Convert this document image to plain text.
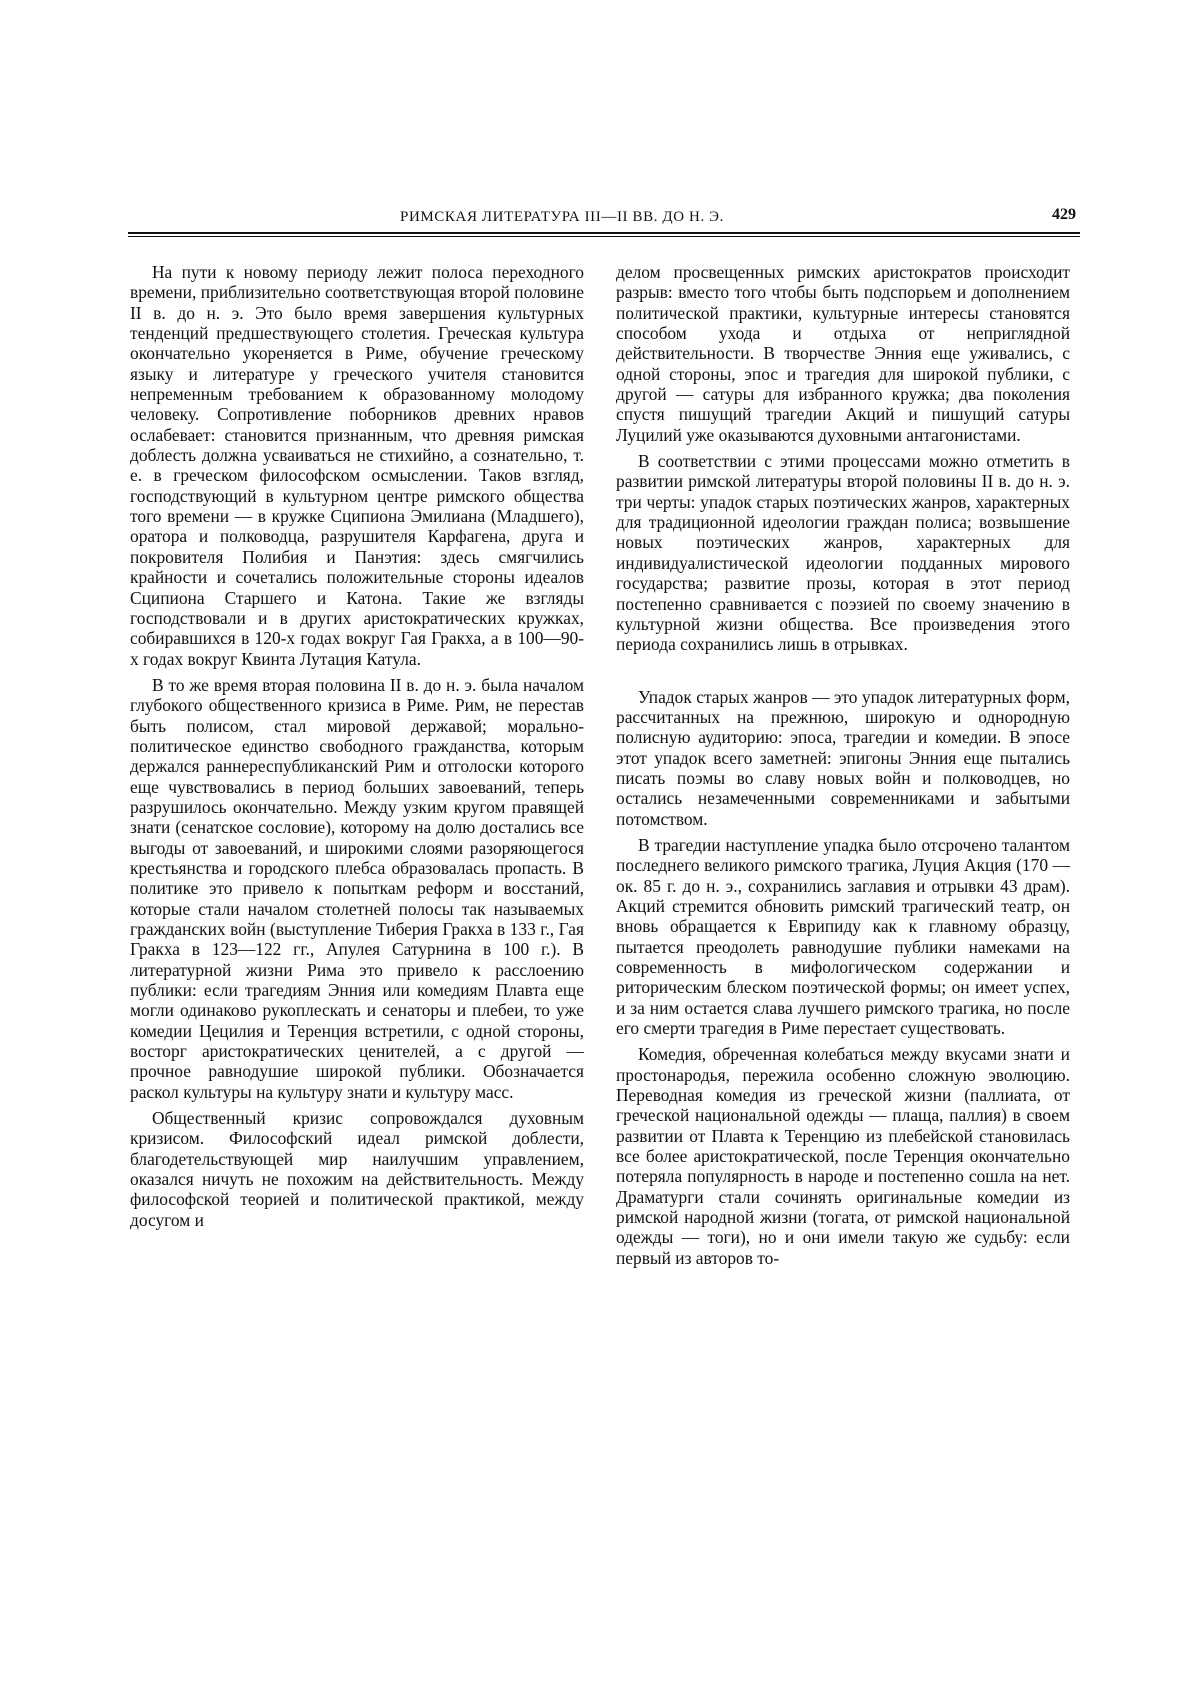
РИМСКАЯ ЛИТЕРАТУРА III—II ВВ. ДО Н. Э.	429

На пути к новому периоду лежит полоса переходного времени, приблизительно соответствующая второй половине II в. до н. э. Это было время завершения культурных тенденций предшествующего столетия. Греческая культура окончательно укореняется в Риме, обучение греческому языку и литературе у греческого учителя становится непременным требованием к образованному молодому человеку. Сопротивление поборников древних нравов ослабевает: становится признанным, что древняя римская доблесть должна усваиваться не стихийно, а сознательно, т. е. в греческом философском осмыслении. Таков взгляд, господствующий в культурном центре римского общества того времени — в кружке Сципиона Эмилиана (Младшего), оратора и полководца, разрушителя Карфагена, друга и покровителя Полибия и Панэтия: здесь смягчились крайности и сочетались положительные стороны идеалов Сципиона Старшего и Катона. Такие же взгляды господствовали и в других аристократических кружках, собиравшихся в 120-х годах вокруг Гая Гракха, а в 100—90-х годах вокруг Квинта Лутация Катула.

В то же время вторая половина II в. до н. э. была началом глубокого общественного кризиса в Риме. Рим, не перестав быть полисом, стал мировой державой; морально-политическое единство свободного гражданства, которым держался раннереспубликанский Рим и отголоски которого еще чувствовались в период больших завоеваний, теперь разрушилось окончательно. Между узким кругом правящей знати (сенатское сословие), которому на долю достались все выгоды от завоеваний, и широкими слоями разоряющегося крестьянства и городского плебса образовалась пропасть. В политике это привело к попыткам реформ и восстаний, которые стали началом столетней полосы так называемых гражданских войн (выступление Тиберия Гракха в 133 г., Гая Гракха в 123—122 гг., Апулея Сатурнина в 100 г.). В литературной жизни Рима это привело к расслоению публики: если трагедиям Энния или комедиям Плавта еще могли одинаково рукоплескать и сенаторы и плебеи, то уже комедии Цецилия и Теренция встретили, с одной стороны, восторг аристократических ценителей, а с другой — прочное равнодушие широкой публики. Обозначается раскол культуры на культуру знати и культуру масс.

Общественный кризис сопровождался духовным кризисом. Философский идеал римской доблести, благодетельствующей мир наилучшим управлением, оказался ничуть не похожим на действительность. Между философской теорией и политической практикой, между досугом и

делом просвещенных римских аристократов происходит разрыв: вместо того чтобы быть подспорьем и дополнением политической практики, культурные интересы становятся способом ухода и отдыха от неприглядной действительности. В творчестве Энния еще уживались, с одной стороны, эпос и трагедия для широкой публики, с другой — сатуры для избранного кружка; два поколения спустя пишущий трагедии Акций и пишущий сатуры Луцилий уже оказываются духовными антагонистами.

В соответствии с этими процессами можно отметить в развитии римской литературы второй половины II в. до н. э. три черты: упадок старых поэтических жанров, характерных для традиционной идеологии граждан полиса; возвышение новых поэтических жанров, характерных для индивидуалистической идеологии подданных мирового государства; развитие прозы, которая в этот период постепенно сравнивается с поэзией по своему значению в культурной жизни общества. Все произведения этого периода сохранились лишь в отрывках.

Упадок старых жанров — это упадок литературных форм, рассчитанных на прежнюю, широкую и однородную полисную аудиторию: эпоса, трагедии и комедии. В эпосе этот упадок всего заметней: эпигоны Энния еще пытались писать поэмы во славу новых войн и полководцев, но остались незамеченными современниками и забытыми потомством.

В трагедии наступление упадка было отсрочено талантом последнего великого римского трагика, Луция Акция (170 — ок. 85 г. до н. э., сохранились заглавия и отрывки 43 драм). Акций стремится обновить римский трагический театр, он вновь обращается к Еврипиду как к главному образцу, пытается преодолеть равнодушие публики намеками на современность в мифологическом содержании и риторическим блеском поэтической формы; он имеет успех, и за ним остается слава лучшего римского трагика, но после его смерти трагедия в Риме перестает существовать.

Комедия, обреченная колебаться между вкусами знати и простонародья, пережила особенно сложную эволюцию. Переводная комедия из греческой жизни (паллиата, от греческой национальной одежды — плаща, паллия) в своем развитии от Плавта к Теренцию из плебейской становилась все более аристократической, после Теренция окончательно потеряла популярность в народе и постепенно сошла на нет. Драматурги стали сочинять оригинальные комедии из римской народной жизни (тогата, от римской национальной одежды — тоги), но и они имели такую же судьбу: если первый из авторов то-
